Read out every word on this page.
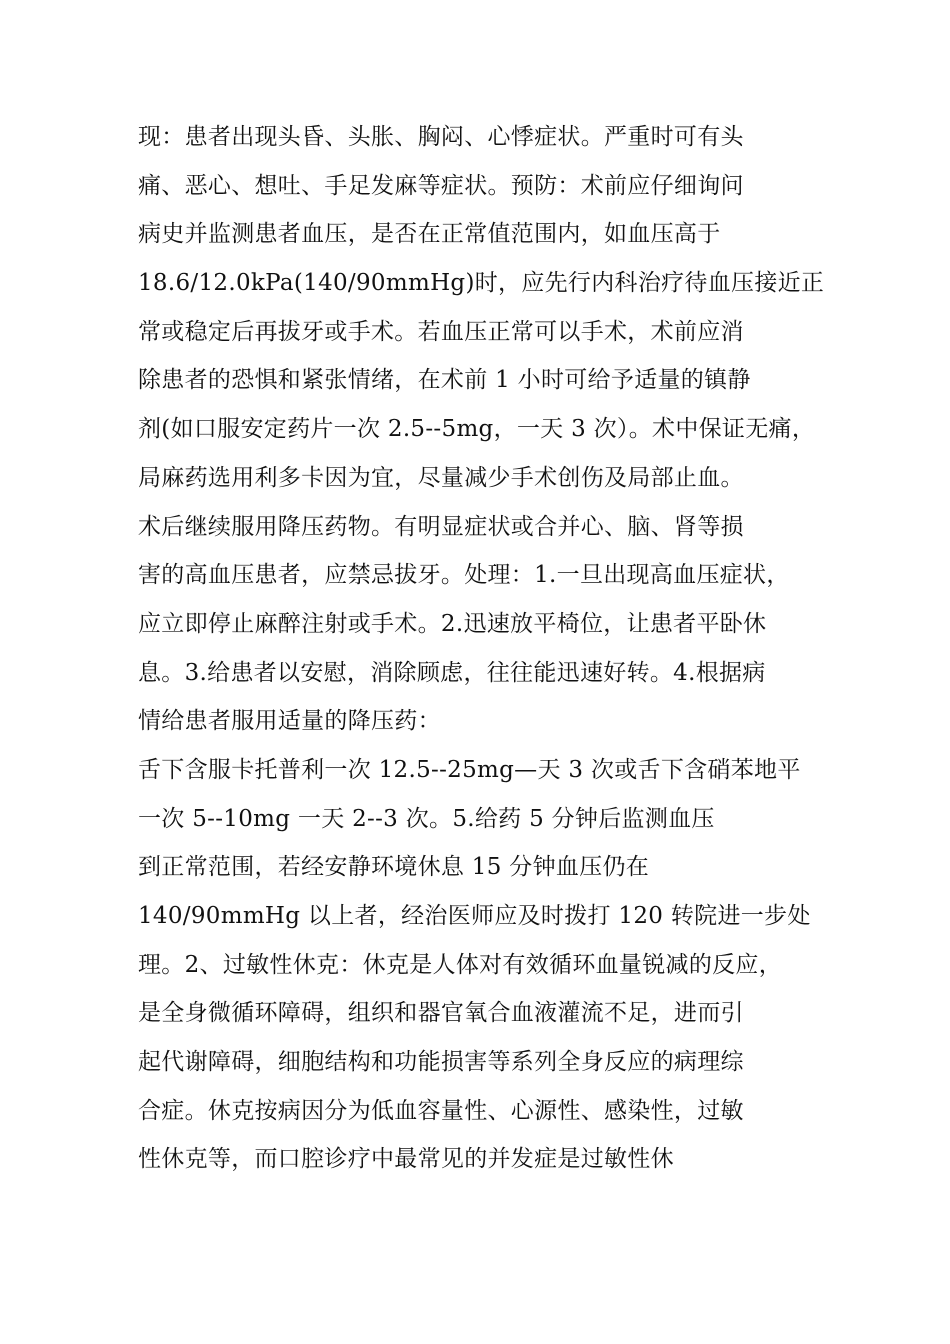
现：患者出现头昏、头胀、胸闷、心悸症状。严重时可有头
痛、恶心、想吐、手足发麻等症状。预防：术前应仔细询问
病史并监测患者血压，是否在正常值范围内，如血压高于
18.6/12.0kPa(140/90mmHg)时，应先行内科治疗待血压接近正
常或稳定后再拔牙或手术。若血压正常可以手术，术前应消
除患者的恐惧和紧张情绪，在术前 1 小时可给予适量的镇静
剂(如口服安定药片一次 2.5--5mg，一天 3 次）。术中保证无痛，
局麻药选用利多卡因为宜，尽量减少手术创伤及局部止血。
术后继续服用降压药物。有明显症状或合并心、脑、肾等损
害的高血压患者，应禁忌拔牙。处理：1.一旦出现高血压症状，
应立即停止麻醉注射或手术。2.迅速放平椅位，让患者平卧休
息。3.给患者以安慰，消除顾虑，往往能迅速好转。4.根据病
情给患者服用适量的降压药：
舌下含服卡托普利一次 12.5--25mg—天 3 次或舌下含硝苯地平
一次 5--10mg 一天 2--3 次。5.给药 5 分钟后监测血压
到正常范围，若经安静环境休息 15 分钟血压仍在
140/90mmHg 以上者，经治医师应及时拨打 120 转院进一步处
理。2、过敏性休克：休克是人体对有效循环血量锐减的反应，
是全身微循环障碍，组织和器官氧合血液灌流不足，进而引
起代谢障碍，细胞结构和功能损害等系列全身反应的病理综
合症。休克按病因分为低血容量性、心源性、感染性，过敏
性休克等，而口腔诊疗中最常见的并发症是过敏性休
